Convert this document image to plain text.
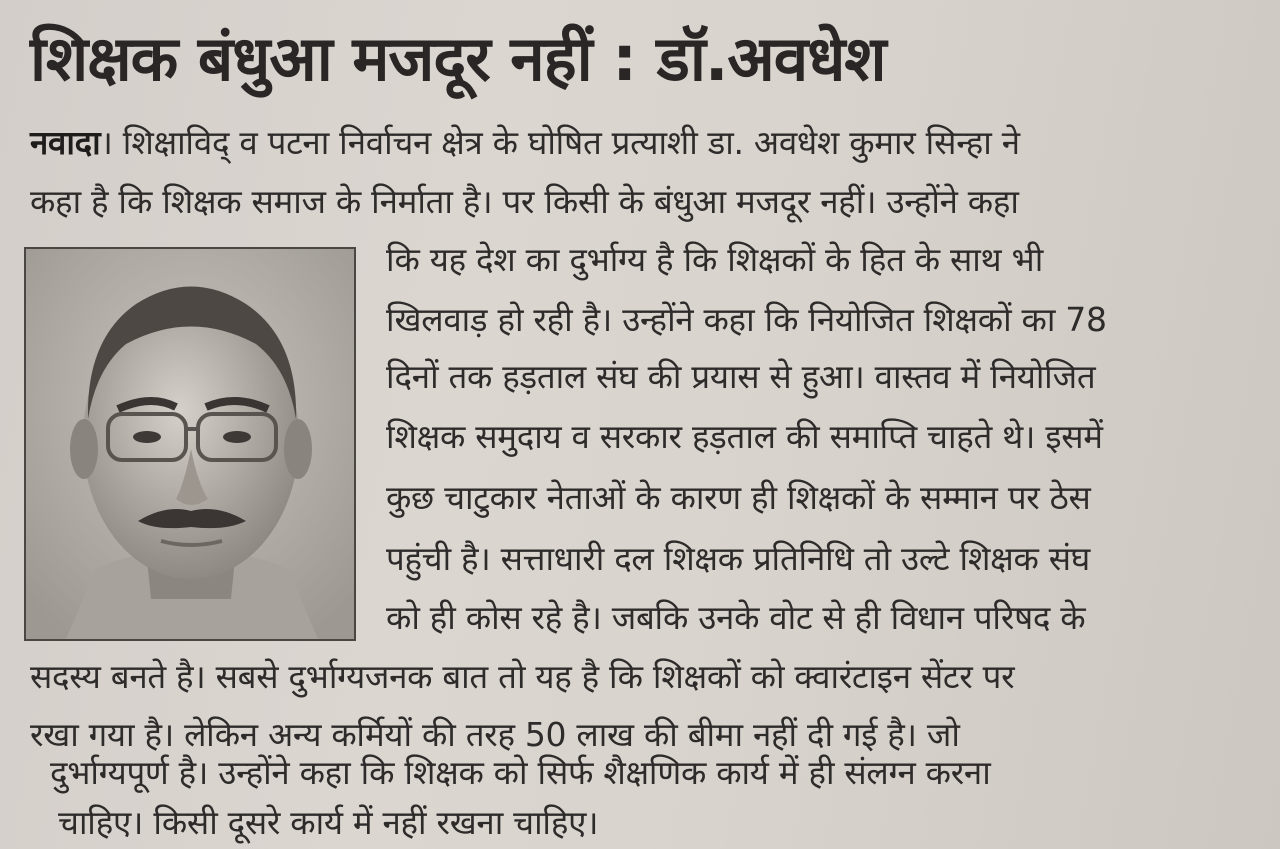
शिक्षक बंधुआ मजदूर नहीं : डॉ.अवधेश

नवादा। शिक्षाविद् व पटना निर्वाचन क्षेत्र के घोषित प्रत्याशी डा. अवधेश कुमार सिन्हा ने

कहा है कि शिक्षक समाज के निर्माता है। पर किसी के बंधुआ मजदूर नहीं। उन्होंने कहा

कि यह देश का दुर्भाग्य है कि शिक्षकों के हित के साथ भी

खिलवाड़ हो रही है। उन्होंने कहा कि नियोजित शिक्षकों का 78

दिनों तक हड़ताल संघ की प्रयास से हुआ। वास्तव में नियोजित

शिक्षक समुदाय व सरकार हड़ताल की समाप्ति चाहते थे। इसमें

कुछ चाटुकार नेताओं के कारण ही शिक्षकों के सम्मान पर ठेस

पहुंची है। सत्ताधारी दल शिक्षक प्रतिनिधि तो उल्टे शिक्षक संघ

को ही कोस रहे है। जबकि उनके वोट से ही विधान परिषद के

सदस्य बनते है। सबसे दुर्भाग्यजनक बात तो यह है कि शिक्षकों को क्वारंटाइन सेंटर पर

रखा गया है। लेकिन अन्य कर्मियों की तरह 50 लाख की बीमा नहीं दी गई है। जो

दुर्भाग्यपूर्ण है। उन्होंने कहा कि शिक्षक को सिर्फ शैक्षणिक कार्य में ही संलग्न करना

चाहिए। किसी दूसरे कार्य में नहीं रखना चाहिए।
